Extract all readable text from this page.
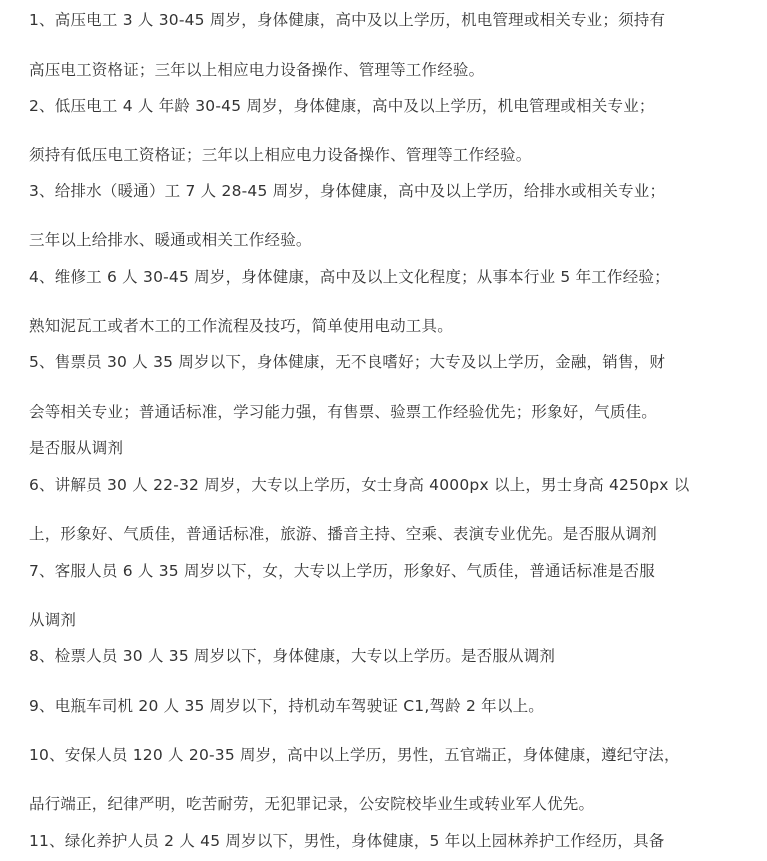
1、高压电工 3 人 30-45 周岁，身体健康，高中及以上学历，机电管理或相关专业；须持有
高压电工资格证；三年以上相应电力设备操作、管理等工作经验。
2、低压电工 4 人 年龄 30-45 周岁，身体健康，高中及以上学历，机电管理或相关专业；
须持有低压电工资格证；三年以上相应电力设备操作、管理等工作经验。
3、给排水（暖通）工 7 人 28-45 周岁，身体健康，高中及以上学历，给排水或相关专业；
三年以上给排水、暖通或相关工作经验。
4、维修工 6 人 30-45 周岁，身体健康，高中及以上文化程度；从事本行业 5 年工作经验；
熟知泥瓦工或者木工的工作流程及技巧，简单使用电动工具。
5、售票员 30 人 35 周岁以下，身体健康，无不良嗜好；大专及以上学历，金融，销售，财
会等相关专业；普通话标准，学习能力强，有售票、验票工作经验优先；形象好，气质佳。
是否服从调剂
6、讲解员 30 人 22-32 周岁，大专以上学历，女士身高 4000px 以上，男士身高 4250px 以
上，形象好、气质佳，普通话标准，旅游、播音主持、空乘、表演专业优先。是否服从调剂
7、客服人员 6 人 35 周岁以下，女，大专以上学历，形象好、气质佳，普通话标准是否服
从调剂
8、检票人员 30 人 35 周岁以下，身体健康，大专以上学历。是否服从调剂
9、电瓶车司机 20 人 35 周岁以下，持机动车驾驶证 C1,驾龄 2 年以上。
10、安保人员 120 人 20-35 周岁，高中以上学历，男性，五官端正，身体健康，遵纪守法，
品行端正，纪律严明，吃苦耐劳，无犯罪记录，公安院校毕业生或转业军人优先。
11、绿化养护人员 2 人 45 周岁以下，男性，身体健康，5 年以上园林养护工作经历，具备
